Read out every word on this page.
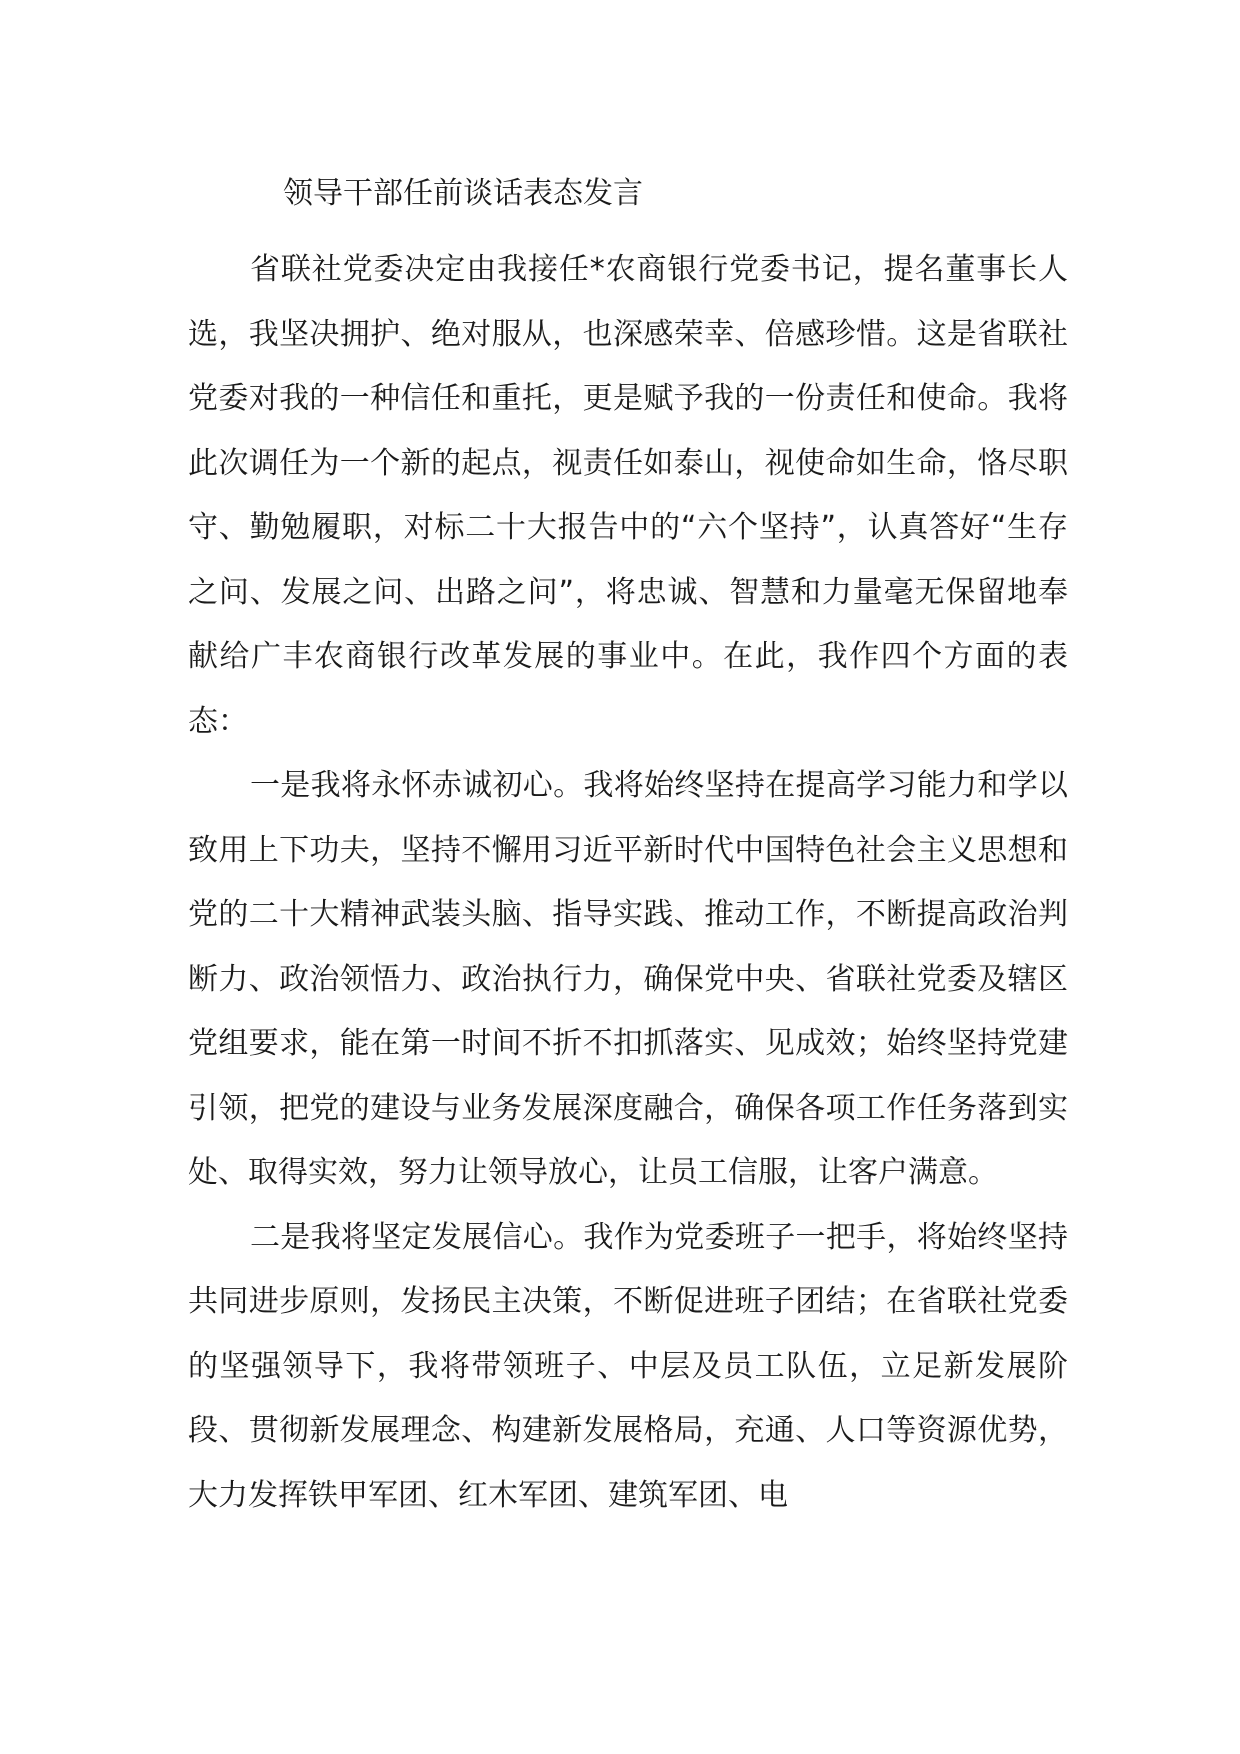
领导干部任前谈话表态发言

省联社党委决定由我接任*农商银行党委书记，提名董事长人选，我坚决拥护、绝对服从，也深感荣幸、倍感珍惜。这是省联社党委对我的一种信任和重托，更是赋予我的一份责任和使命。我将此次调任为一个新的起点，视责任如泰山，视使命如生命，恪尽职守、勤勉履职，对标二十大报告中的“六个坚持”，认真答好“生存之问、发展之问、出路之问”，将忠诚、智慧和力量毫无保留地奉献给广丰农商银行改革发展的事业中。在此，我作四个方面的表态：

一是我将永怀赤诚初心。我将始终坚持在提高学习能力和学以致用上下功夫，坚持不懈用习近平新时代中国特色社会主义思想和党的二十大精神武装头脑、指导实践、推动工作，不断提高政治判断力、政治领悟力、政治执行力，确保党中央、省联社党委及辖区党组要求，能在第一时间不折不扣抓落实、见成效；始终坚持党建引领，把党的建设与业务发展深度融合，确保各项工作任务落到实处、取得实效，努力让领导放心，让员工信服，让客户满意。

二是我将坚定发展信心。我作为党委班子一把手，将始终坚持共同进步原则，发扬民主决策，不断促进班子团结；在省联社党委的坚强领导下，我将带领班子、中层及员工队伍，立足新发展阶段、贯彻新发展理念、构建新发展格局，充通、人口等资源优势，大力发挥铁甲军团、红木军团、建筑军团、电
